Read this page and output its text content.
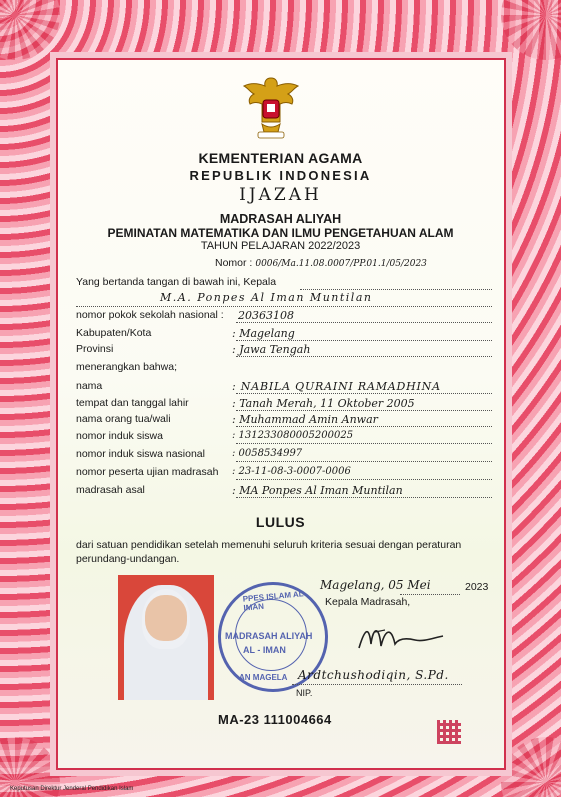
KEMENTERIAN AGAMA
REPUBLIK INDONESIA
IJAZAH
MADRASAH ALIYAH
PEMINATAN MATEMATIKA DAN ILMU PENGETAHUAN ALAM
TAHUN PELAJARAN 2022/2023
Nomor : 0006/Ma.11.08.0007/PP.01.1/05/2023
Yang bertanda tangan di bawah ini, Kepala
M.A. Ponpes Al Iman Muntilan
nomor pokok sekolah nasional : 20363108
Kabupaten/Kota	: Magelang
Provinsi	: Jawa Tengah
menerangkan bahwa;
nama	: NABILA QURAINI RAMADHINA
tempat dan tanggal lahir	: Tanah Merah, 11 Oktober 2005
nama orang tua/wali	: Muhammad Amin Anwar
nomor induk siswa	: 131233080005200025
nomor induk siswa nasional	: 0058534997
nomor peserta ujian madrasah : 23-11-08-3-0007-0006
madrasah asal	: MA Ponpes Al Iman Muntilan
LULUS
dari satuan pendidikan setelah memenuhi seluruh kriteria sesuai dengan peraturan
perundang-undangan.
PPES ISLAM AL-IMAN
MADRASAH ALIYAH
AL - IMAN
AN MAGELA
Magelang, 05 Mei	2023
Kepala Madrasah,
Ardtchushodiqin, S.Pd.
NIP.
MA-23 111004664
Keputusan Direktur Jenderal Pendidikan Islam
